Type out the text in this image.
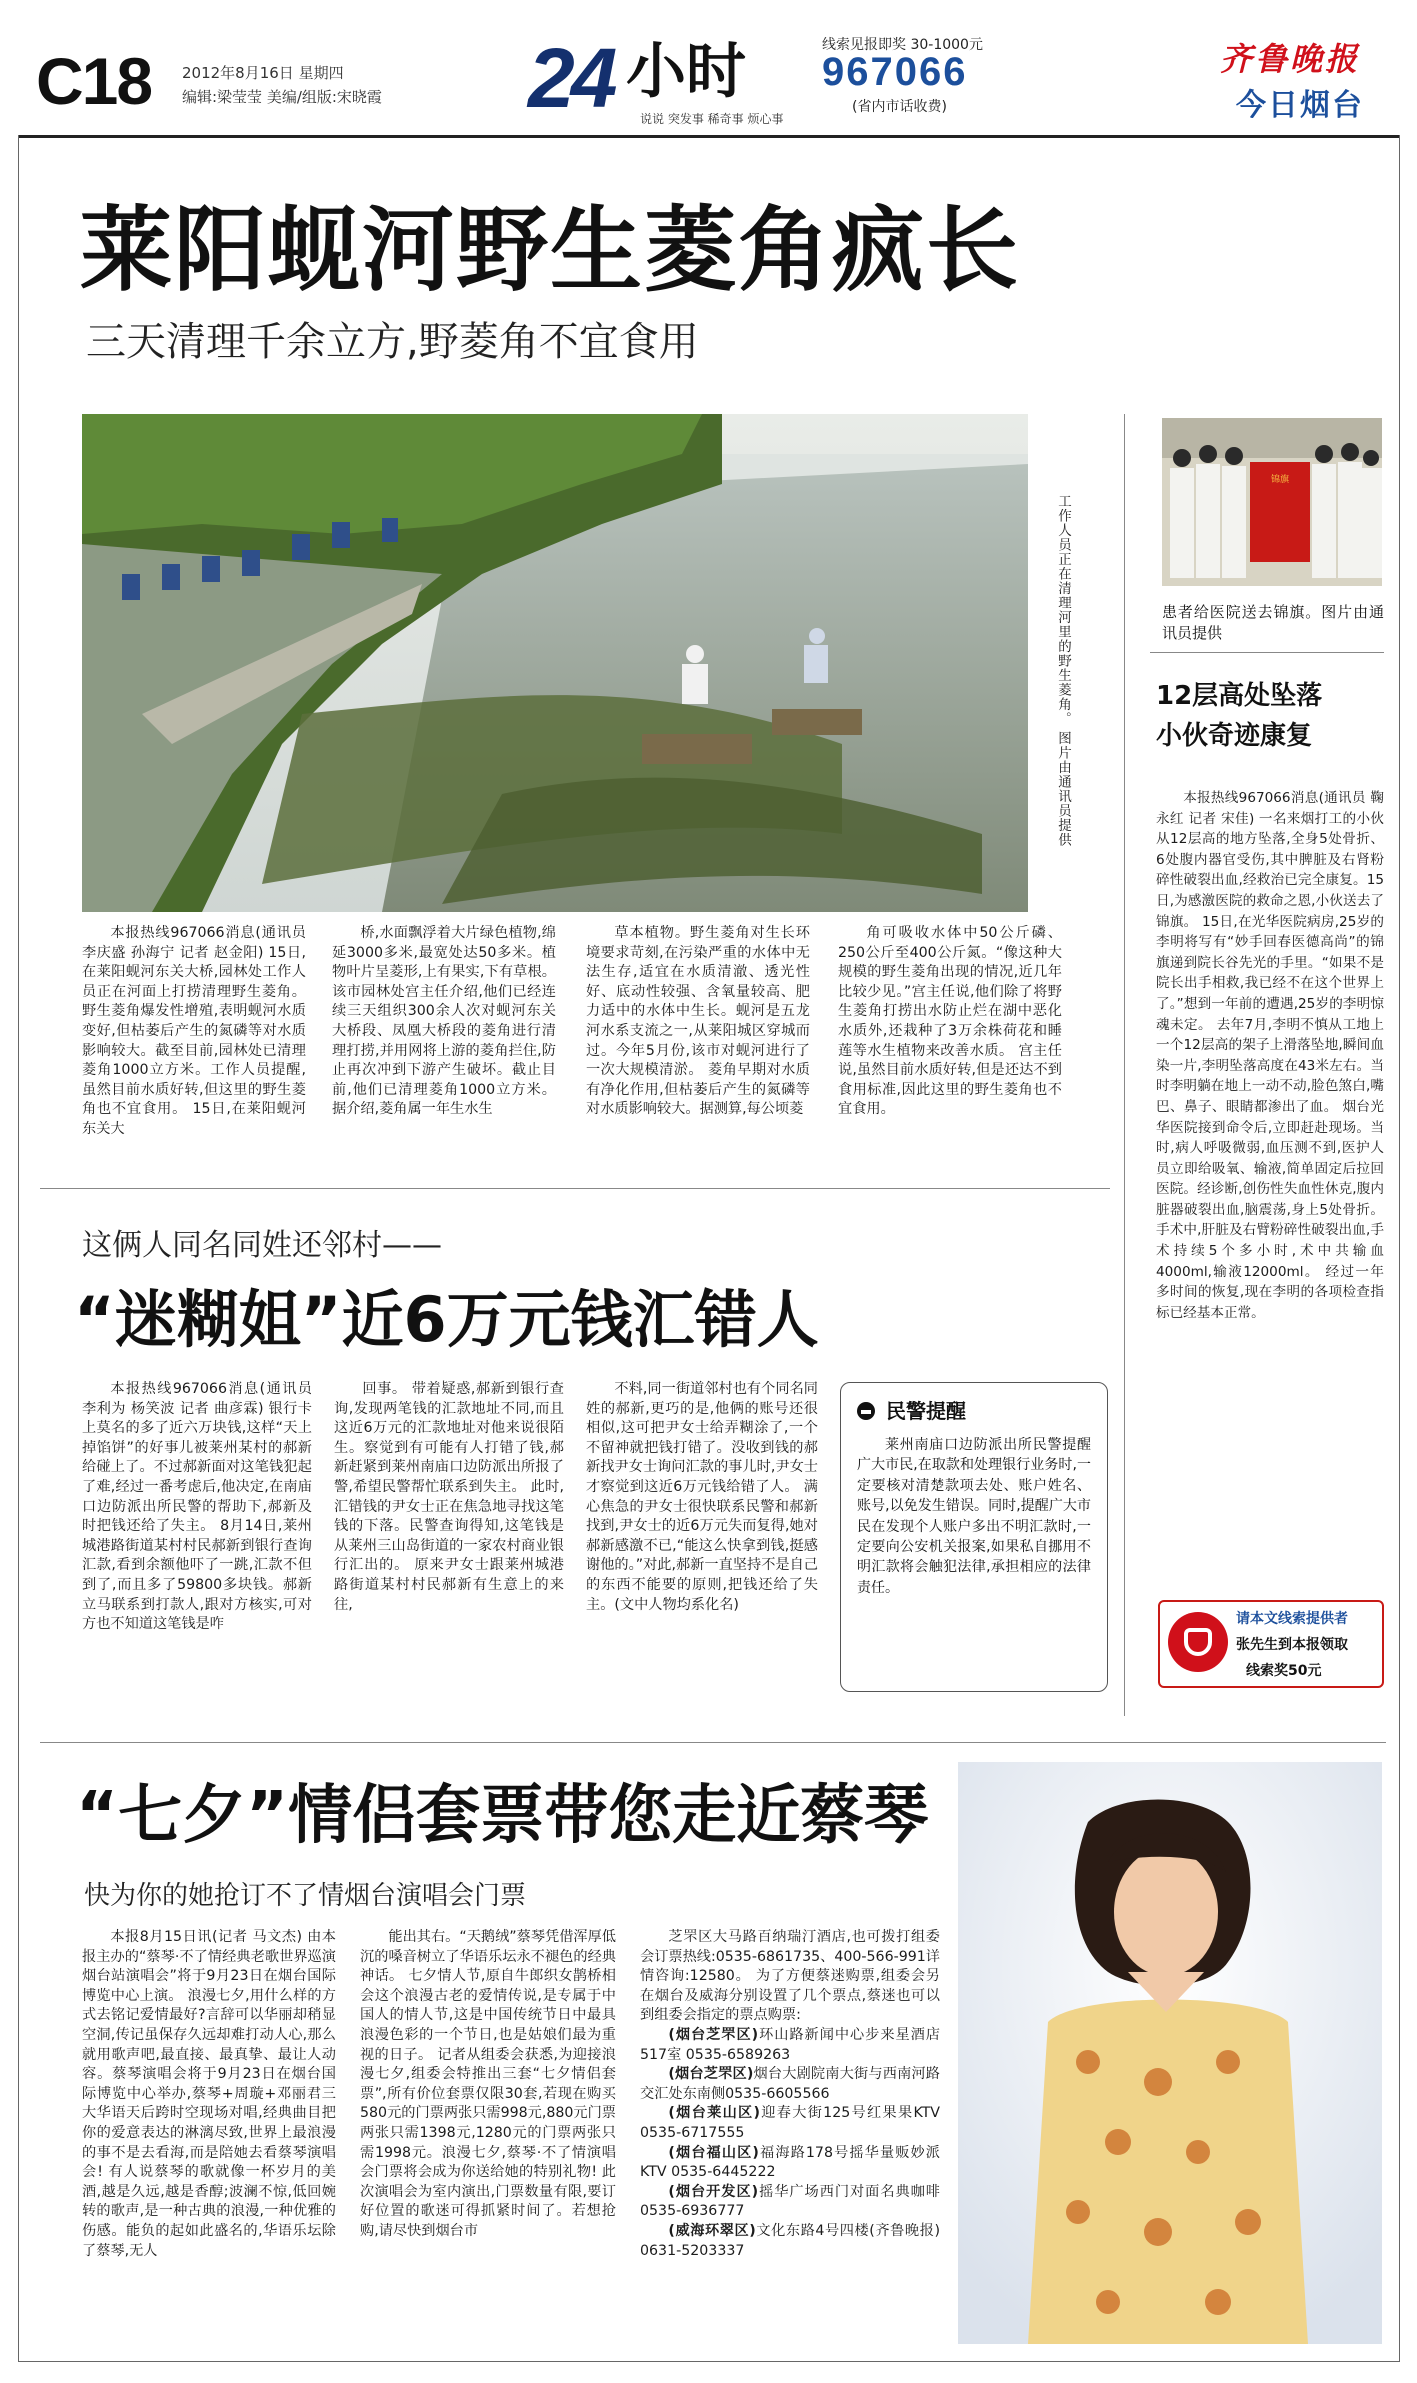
C18 2012年8月16日 星期四
编辑:梁莹莹 美编/组版:宋晓霞 24 小时
说说 突发事 稀奇事 烦心事
线索见报即奖 30-1000元
967066
(省内市话收费)
齐鲁晚报
今日烟台
莱阳蚬河野生菱角疯长
三天清理千余立方,野菱角不宜食用
工作人员正在清理河里的野生菱角。 图片由通讯员提供

本报热线967066消息(通讯员 李庆盛 孙海宁 记者 赵金阳) 15日,在莱阳蚬河东关大桥,园林处工作人员正在河面上打捞清理野生菱角。野生菱角爆发性增殖,表明蚬河水质变好,但枯萎后产生的氮磷等对水质影响较大。截至目前,园林处已清理菱角1000立方米。工作人员提醒,虽然目前水质好转,但这里的野生菱角也不宜食用。 15日,在莱阳蚬河东关大

桥,水面飘浮着大片绿色植物,绵延3000多米,最宽处达50多米。植物叶片呈菱形,上有果实,下有草根。 该市园林处宫主任介绍,他们已经连续三天组织300余人次对蚬河东关大桥段、凤凰大桥段的菱角进行清理打捞,并用网将上游的菱角拦住,防止再次冲到下游产生破坏。截止目前,他们已清理菱角1000立方米。 据介绍,菱角属一年生水生

草本植物。野生菱角对生长环境要求苛刻,在污染严重的水体中无法生存,适宜在水质清澈、透光性好、底动性较强、含氧量较高、肥力适中的水体中生长。蚬河是五龙河水系支流之一,从莱阳城区穿城而过。今年5月份,该市对蚬河进行了一次大规模清淤。 菱角早期对水质有净化作用,但枯萎后产生的氮磷等对水质影响较大。据测算,每公顷菱

角可吸收水体中50公斤磷、250公斤至400公斤氮。“像这种大规模的野生菱角出现的情况,近几年比较少见。”宫主任说,他们除了将野生菱角打捞出水防止烂在湖中恶化水质外,还栽种了3万余株荷花和睡莲等水生植物来改善水质。 宫主任说,虽然目前水质好转,但是还达不到食用标准,因此这里的野生菱角也不宜食用。

锦旗
患者给医院送去锦旗。图片由通讯员提供
12层高处坠落
小伙奇迹康复

本报热线967066消息(通讯员 鞠永红 记者 宋佳) 一名来烟打工的小伙从12层高的地方坠落,全身5处骨折、6处腹内器官受伤,其中脾脏及右肾粉碎性破裂出血,经救治已完全康复。15日,为感激医院的救命之恩,小伙送去了锦旗。 15日,在光华医院病房,25岁的李明将写有“妙手回春医德高尚”的锦旗递到院长谷先光的手里。“如果不是院长出手相救,我已经不在这个世界上了。”想到一年前的遭遇,25岁的李明惊魂未定。 去年7月,李明不慎从工地上一个12层高的架子上滑落坠地,瞬间血染一片,李明坠落高度在43米左右。当时李明躺在地上一动不动,脸色煞白,嘴巴、鼻子、眼睛都渗出了血。 烟台光华医院接到命令后,立即赶赴现场。当时,病人呼吸微弱,血压测不到,医护人员立即给吸氧、输液,简单固定后拉回医院。经诊断,创伤性失血性休克,腹内脏器破裂出血,脑震荡,身上5处骨折。手术中,肝脏及右臂粉碎性破裂出血,手术持续5个多小时,术中共输血4000ml,输液12000ml。 经过一年多时间的恢复,现在李明的各项检查指标已经基本正常。

请本文线索提供者
张先生到本报领取
线索奖50元
这俩人同名同姓还邻村——
“迷糊姐”近6万元钱汇错人

本报热线967066消息(通讯员 李利为 杨笑波 记者 曲彦霖) 银行卡上莫名的多了近六万块钱,这样“天上掉馅饼”的好事儿被莱州某村的郝新给碰上了。不过郝新面对这笔钱犯起了难,经过一番考虑后,他决定,在南庙口边防派出所民警的帮助下,郝新及时把钱还给了失主。 8月14日,莱州城港路街道某村村民郝新到银行查询汇款,看到余额他吓了一跳,汇款不但到了,而且多了59800多块钱。郝新立马联系到打款人,跟对方核实,可对方也不知道这笔钱是咋

回事。 带着疑惑,郝新到银行查询,发现两笔钱的汇款地址不同,而且这近6万元的汇款地址对他来说很陌生。察觉到有可能有人打错了钱,郝新赶紧到莱州南庙口边防派出所报了警,希望民警帮忙联系到失主。 此时,汇错钱的尹女士正在焦急地寻找这笔钱的下落。民警查询得知,这笔钱是从莱州三山岛街道的一家农村商业银行汇出的。 原来尹女士跟莱州城港路街道某村村民郝新有生意上的来往,

不料,同一街道邻村也有个同名同姓的郝新,更巧的是,他俩的账号还很相似,这可把尹女士给弄糊涂了,一个不留神就把钱打错了。没收到钱的郝新找尹女士询问汇款的事儿时,尹女士才察觉到这近6万元钱给错了人。 满心焦急的尹女士很快联系民警和郝新找到,尹女士的近6万元失而复得,她对郝新感激不已,“能这么快拿到钱,挺感谢他的。”对此,郝新一直坚持不是自己的东西不能要的原则,把钱还给了失主。(文中人物均系化名)

民警提醒

莱州南庙口边防派出所民警提醒广大市民,在取款和处理银行业务时,一定要核对清楚款项去处、账户姓名、账号,以免发生错误。同时,提醒广大市民在发现个人账户多出不明汇款时,一定要向公安机关报案,如果私自挪用不明汇款将会触犯法律,承担相应的法律责任。

“七夕”情侣套票带您走近蔡琴
快为你的她抢订不了情烟台演唱会门票

本报8月15日讯(记者 马文杰) 由本报主办的“蔡琴·不了情经典老歌世界巡演烟台站演唱会”将于9月23日在烟台国际博览中心上演。 浪漫七夕,用什么样的方式去铭记爱情最好?言辞可以华丽却稍显空洞,传记虽保存久远却难打动人心,那么就用歌声吧,最直接、最真挚、最让人动容。蔡琴演唱会将于9月23日在烟台国际博览中心举办,蔡琴+周璇+邓丽君三大华语天后跨时空现场对唱,经典曲目把你的爱意表达的淋漓尽致,世界上最浪漫的事不是去看海,而是陪她去看蔡琴演唱会! 有人说蔡琴的歌就像一杯岁月的美酒,越是久远,越是香醇;波澜不惊,低回婉转的歌声,是一种古典的浪漫,一种优雅的伤感。能负的起如此盛名的,华语乐坛除了蔡琴,无人

能出其右。“天鹅绒”蔡琴凭借浑厚低沉的嗓音树立了华语乐坛永不褪色的经典神话。 七夕情人节,原自牛郎织女鹊桥相会这个浪漫古老的爱情传说,是专属于中国人的情人节,这是中国传统节日中最具浪漫色彩的一个节日,也是姑娘们最为重视的日子。 记者从组委会获悉,为迎接浪漫七夕,组委会特推出三套“七夕情侣套票”,所有价位套票仅限30套,若现在购买580元的门票两张只需998元,880元门票两张只需1398元,1280元的门票两张只需1998元。浪漫七夕,蔡琴·不了情演唱会门票将会成为你送给她的特别礼物! 此次演唱会为室内演出,门票数量有限,要订好位置的歌迷可得抓紧时间了。若想抢购,请尽快到烟台市

芝罘区大马路百纳瑞汀酒店,也可拨打组委会订票热线:0535-6861735、400-566-991详情咨询:12580。 为了方便蔡迷购票,组委会另在烟台及威海分别设置了几个票点,蔡迷也可以到组委会指定的票点购票:

(烟台芝罘区)环山路新闻中心步来星酒店517室 0535-6589263

(烟台芝罘区)烟台大剧院南大街与西南河路交汇处东南侧0535-6605566

(烟台莱山区)迎春大街125号红果果KTV 0535-6717555

(烟台福山区)福海路178号摇华量贩妙派KTV 0535-6445222

(烟台开发区)摇华广场西门对面名典咖啡 0535-6936777

(威海环翠区)文化东路4号四楼(齐鲁晚报) 0631-5203337
